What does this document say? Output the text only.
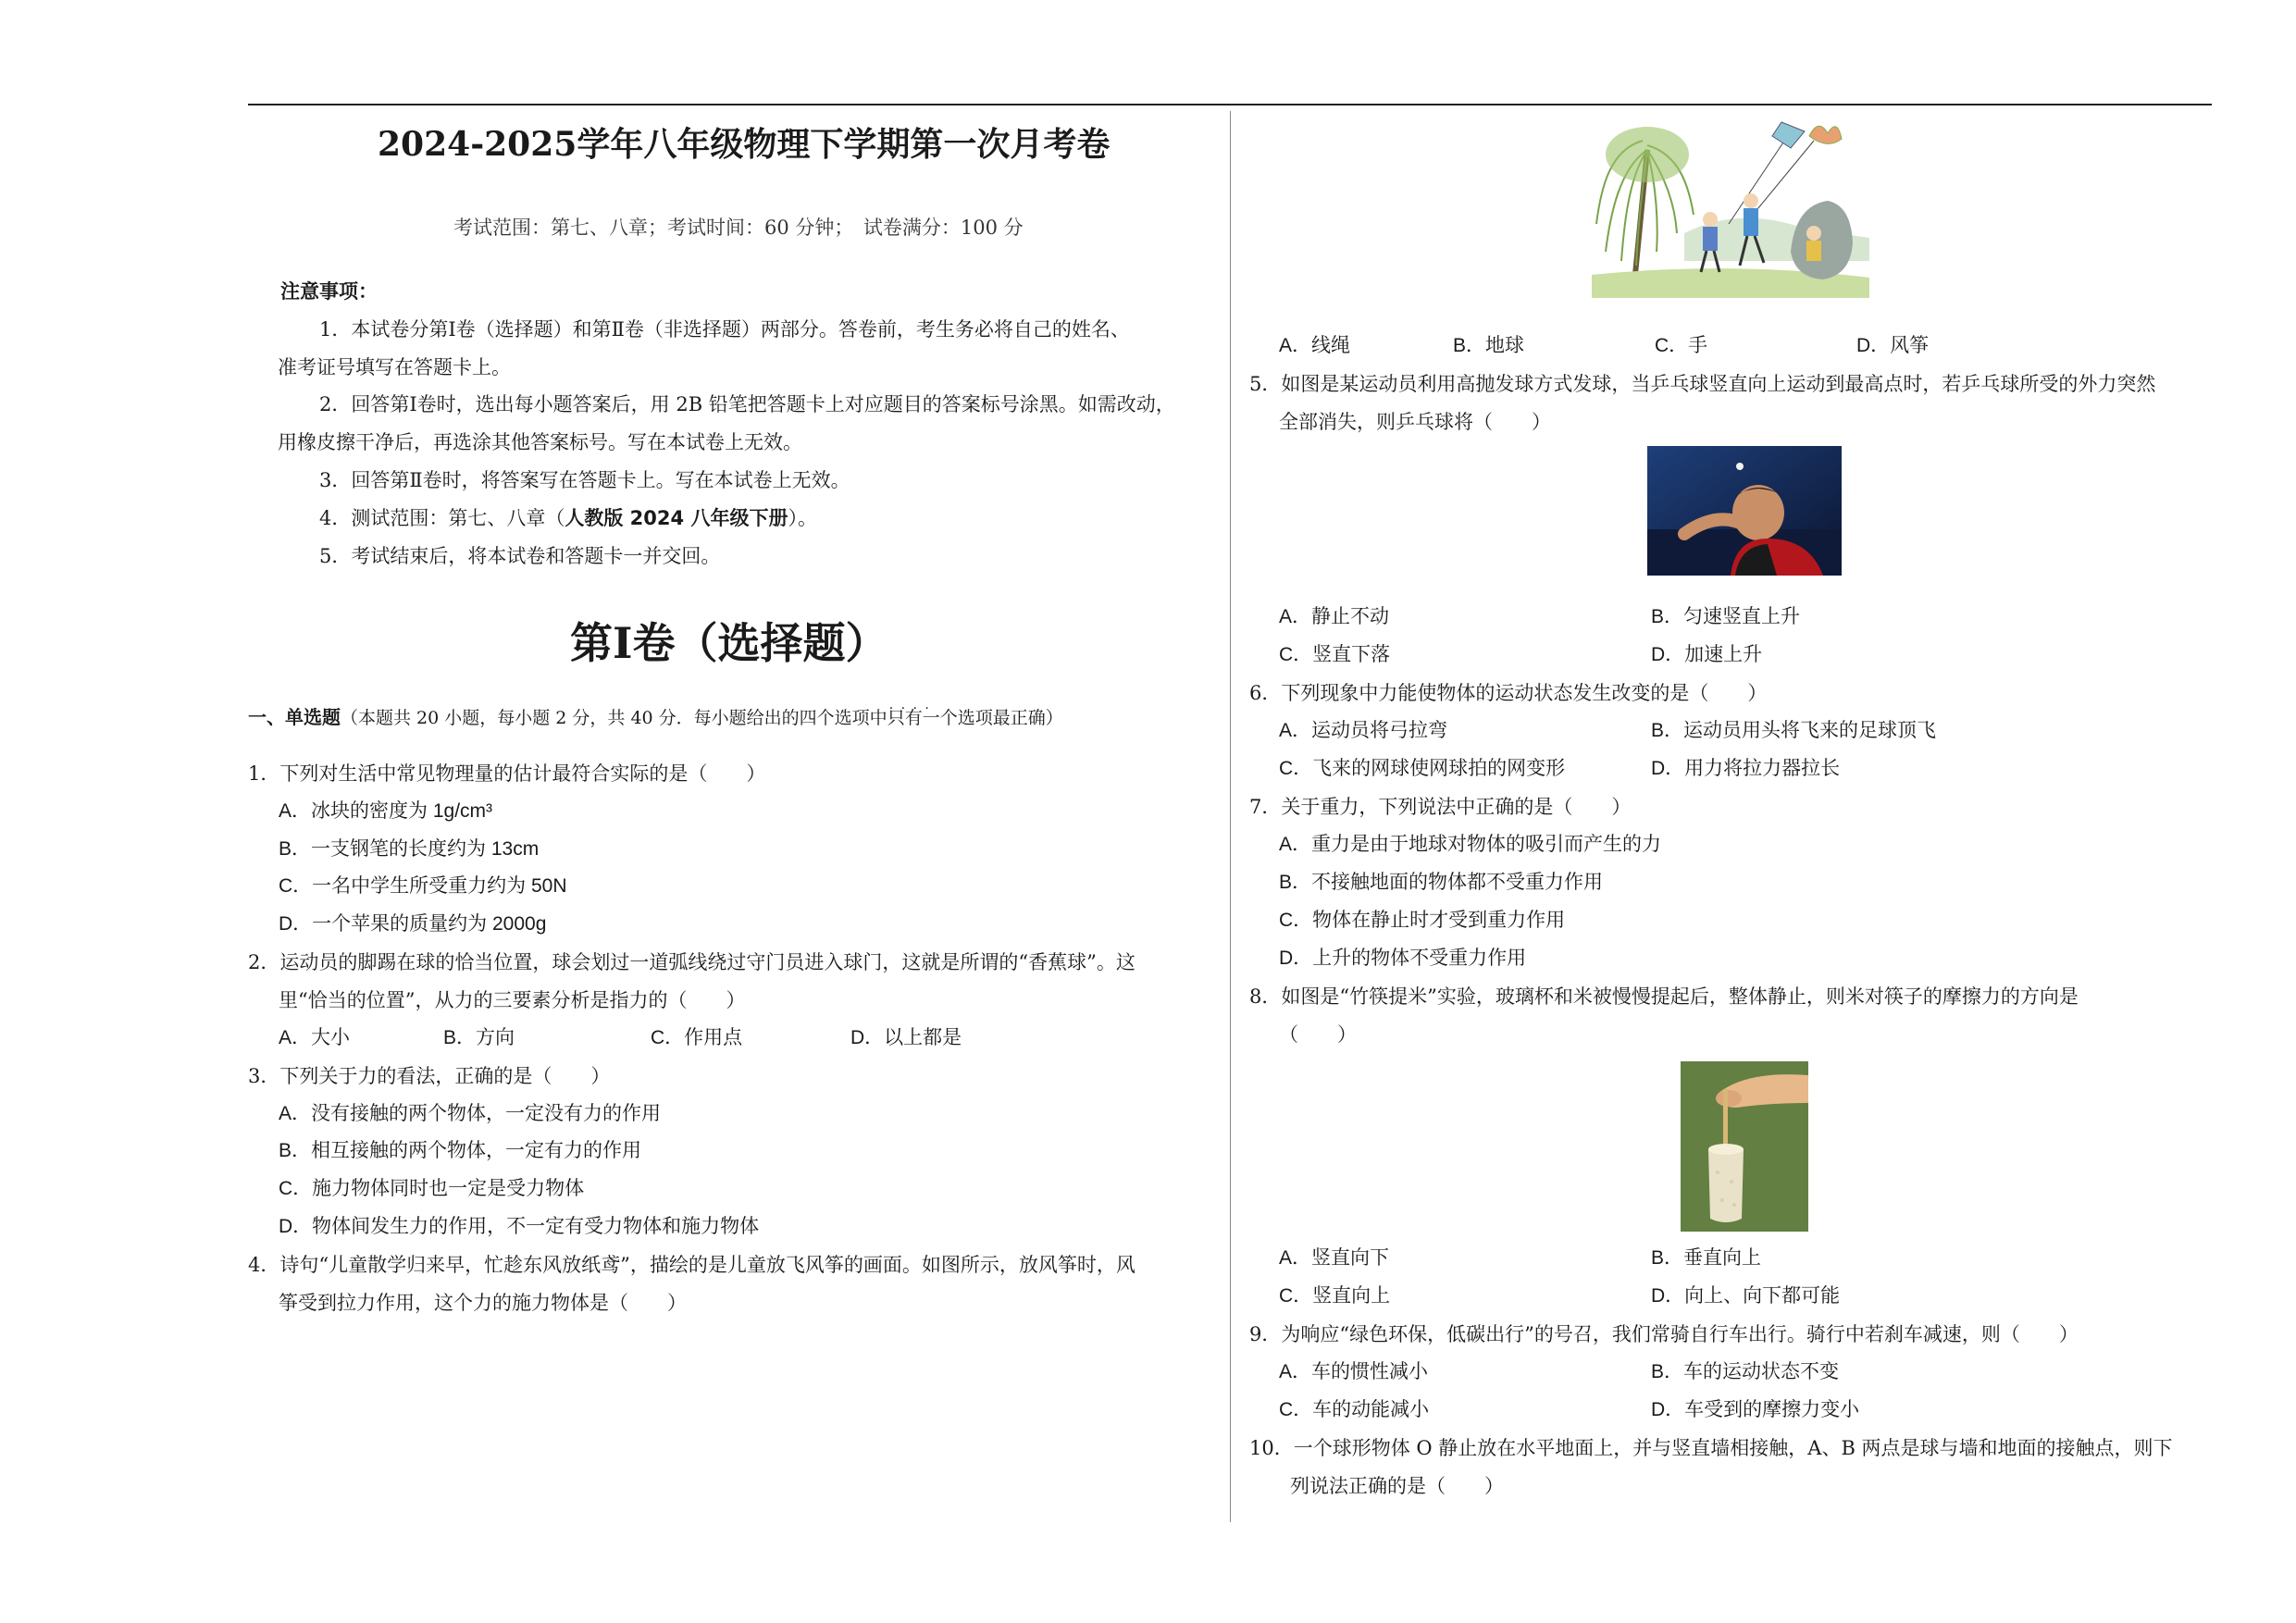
2024-2025学年八年级物理下学期第一次月考卷
考试范围：第七、八章；考试时间：60 分钟；　试卷满分：100 分
注意事项：
1．本试卷分第Ⅰ卷（选择题）和第Ⅱ卷（非选择题）两部分。答卷前，考生务必将自己的姓名、
准考证号填写在答题卡上。
2．回答第Ⅰ卷时，选出每小题答案后，用 2B 铅笔把答题卡上对应题目的答案标号涂黑。如需改动，
用橡皮擦干净后，再选涂其他答案标号。写在本试卷上无效。
3．回答第Ⅱ卷时，将答案写在答题卡上。写在本试卷上无效。
4．测试范围：第七、八章（人教版 2024 八年级下册）。
5．考试结束后，将本试卷和答题卡一并交回。
第Ⅰ卷（选择题）
一、单选题（本题共 20 小题，每小题 2 分，共 40 分．每小题给出的四个选项中· · 只有一个选项最正确）
1．下列对生活中常见物理量的估计最符合实际的是（　　）
A．冰块的密度为 1g/cm³
B．一支钢笔的长度约为 13cm
C．一名中学生所受重力约为 50N
D．一个苹果的质量约为 2000g
2．运动员的脚踢在球的恰当位置，球会划过一道弧线绕过守门员进入球门，这就是所谓的“香蕉球”。这
里“恰当的位置”，从力的三要素分析是指力的（　　）
A．大小	B．方向	C．作用点	D．以上都是
3．下列关于力的看法，正确的是（　　）
A．没有接触的两个物体，一定没有力的作用
B．相互接触的两个物体，一定有力的作用
C．施力物体同时也一定是受力物体
D．物体间发生力的作用，不一定有受力物体和施力物体
4．诗句“儿童散学归来早，忙趁东风放纸鸢”，描绘的是儿童放飞风筝的画面。如图所示，放风筝时，风
筝受到拉力作用，这个力的施力物体是（　　）
A．线绳	B．地球	C．手	D．风筝
5．如图是某运动员利用高抛发球方式发球，当乒乓球竖直向上运动到最高点时，若乒乓球所受的外力突然
全部消失，则乒乓球将（　　）
A．静止不动	B．匀速竖直上升
C．竖直下落	D．加速上升
6．下列现象中力能使物体的运动状态发生改变的是（　　）
A．运动员将弓拉弯	B．运动员用头将飞来的足球顶飞
C．飞来的网球使网球拍的网变形	D．用力将拉力器拉长
7．关于重力，下列说法中正确的是（　　）
A．重力是由于地球对物体的吸引而产生的力
B．不接触地面的物体都不受重力作用
C．物体在静止时才受到重力作用
D．上升的物体不受重力作用
8．如图是“竹筷提米”实验，玻璃杯和米被慢慢提起后，整体静止，则米对筷子的摩擦力的方向是
（　　）
A．竖直向下	B．垂直向上
C．竖直向上	D．向上、向下都可能
9．为响应“绿色环保，低碳出行”的号召，我们常骑自行车出行。骑行中若刹车减速，则（　　）
A．车的惯性减小	B．车的运动状态不变
C．车的动能减小	D．车受到的摩擦力变小
10．一个球形物体 O 静止放在水平地面上，并与竖直墙相接触，A、B 两点是球与墙和地面的接触点，则下
列说法正确的是（　　）
